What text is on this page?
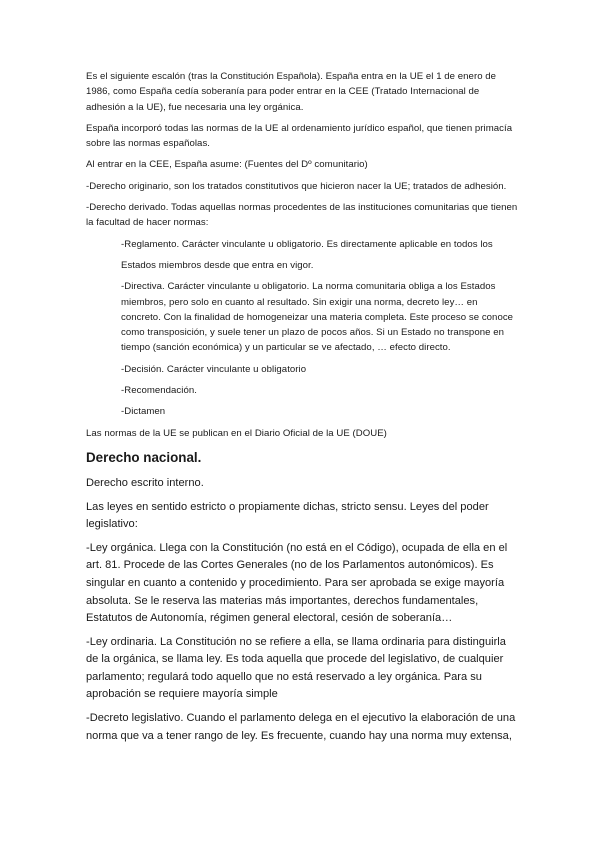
Es el siguiente escalón (tras la Constitución Española). España entra en la UE el 1 de enero de 1986, como España cedía soberanía para poder entrar en la CEE (Tratado Internacional de adhesión a la UE), fue necesaria una ley orgánica.

España incorporó todas las normas de la UE al ordenamiento jurídico español, que tienen primacía sobre las normas españolas.

Al entrar en la CEE, España asume: (Fuentes del Dº comunitario)

-Derecho originario, son los tratados constitutivos que hicieron nacer la UE; tratados de adhesión.

-Derecho derivado. Todas aquellas normas procedentes de las instituciones comunitarias que tienen la facultad de hacer normas:

-Reglamento. Carácter vinculante u obligatorio. Es directamente aplicable en todos los

Estados miembros desde que entra en vigor.

-Directiva. Carácter vinculante u obligatorio. La norma comunitaria obliga a los Estados miembros, pero solo en cuanto al resultado. Sin exigir una norma, decreto ley… en concreto. Con la finalidad de homogeneizar una materia completa. Este proceso se conoce como transposición, y suele tener un plazo de pocos años. Si un Estado no transpone en tiempo (sanción económica) y un particular se ve afectado, … efecto directo.

-Decisión. Carácter vinculante u obligatorio

-Recomendación.

-Dictamen

Las normas de la UE se publican en el Diario Oficial de la UE (DOUE)

Derecho nacional.

Derecho escrito interno.

Las leyes en sentido estricto o propiamente dichas, stricto sensu. Leyes del poder legislativo:

-Ley orgánica. Llega con la Constitución (no está en el Código), ocupada de ella en el art. 81. Procede de las Cortes Generales (no de los Parlamentos autonómicos). Es singular en cuanto a contenido y procedimiento. Para ser aprobada se exige mayoría absoluta. Se le reserva las materias más importantes, derechos fundamentales, Estatutos de Autonomía, régimen general electoral, cesión de soberanía…

-Ley ordinaria. La Constitución no se refiere a ella, se llama ordinaria para distinguirla de la orgánica, se llama ley. Es toda aquella que procede del legislativo, de cualquier parlamento; regulará todo aquello que no está reservado a ley orgánica. Para su aprobación se requiere mayoría simple

-Decreto legislativo. Cuando el parlamento delega en el ejecutivo la elaboración de una norma que va a tener rango de ley. Es frecuente, cuando hay una norma muy extensa,
